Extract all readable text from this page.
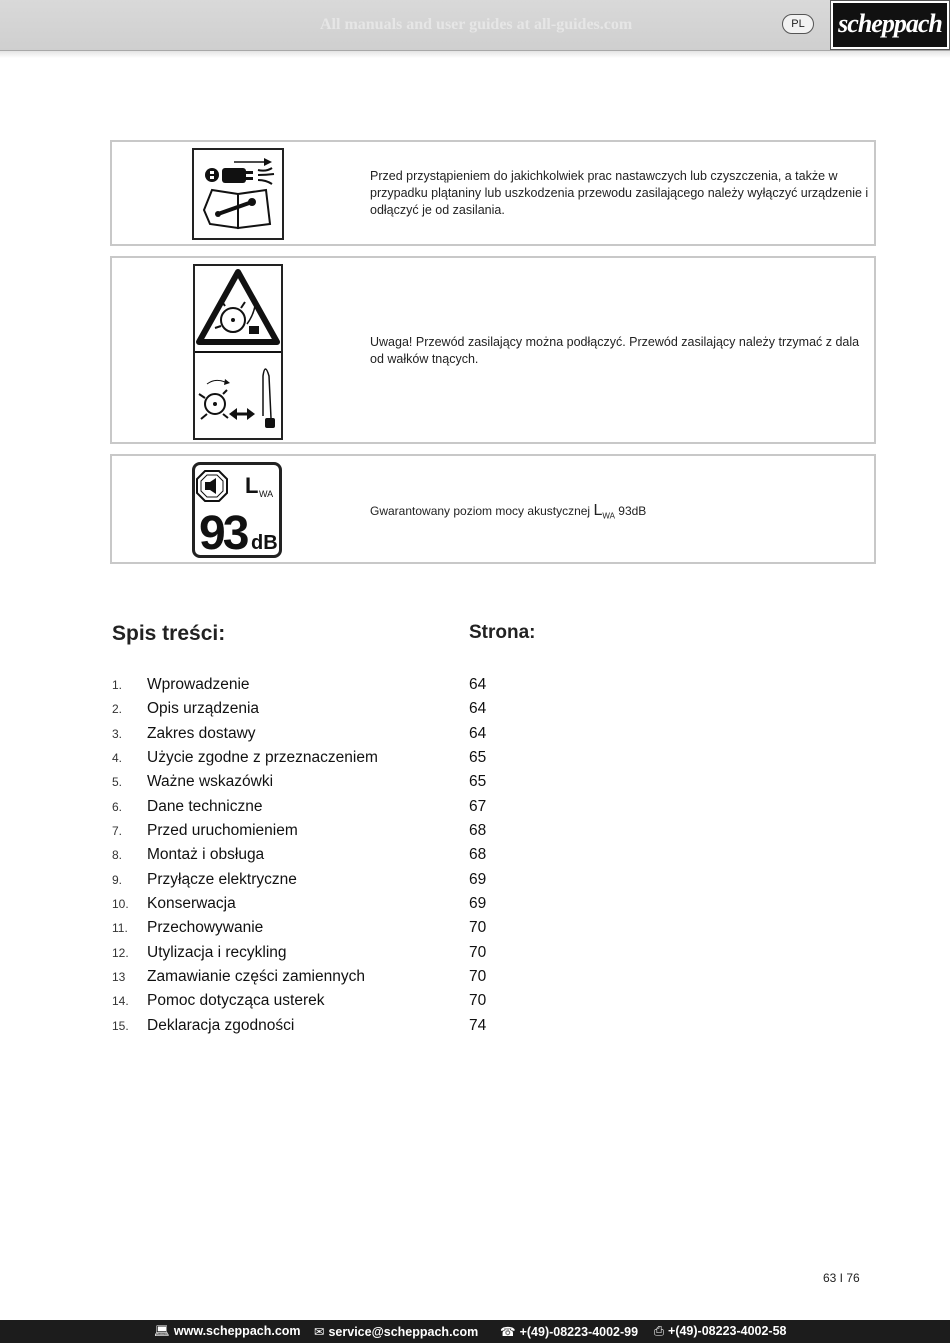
All manuals and user guides at all-guides.com	PL	scheppach
Przed przystąpieniem do jakichkolwiek prac nastawczych lub czyszczenia, a także w przypadku plątaniny lub uszkodzenia przewodu zasilającego należy wyłączyć urządzenie i odłączyć je od zasilania.
Uwaga! Przewód zasilający można podłączyć. Przewód zasilający należy trzymać z dala od wałków tnących.
L WA
93 dB
Gwarantowany poziom mocy akustycznej $L_{WA}$ 93dB
Spis treści:	Strona:
1. Wprowadzenie	64
2. Opis urządzenia	64
3. Zakres dostawy	64
4. Użycie zgodne z przeznaczeniem	65
5. Ważne wskazówki	65
6. Dane techniczne	67
7. Przed uruchomieniem	68
8. Montaż i obsługa	68
9. Przyłącze elektryczne	69
10. Konserwacja	69
11. Przechowywanie	70
12. Utylizacja i recykling	70
13 Zamawianie części zamiennych	70
14. Pomoc dotycząca usterek	70
15. Deklaracja zgodności	74
63 I 76
💻︎ www.scheppach.com ✉ service@scheppach.com ☎ +(49)-08223-4002-99 ⎙ +(49)-08223-4002-58
